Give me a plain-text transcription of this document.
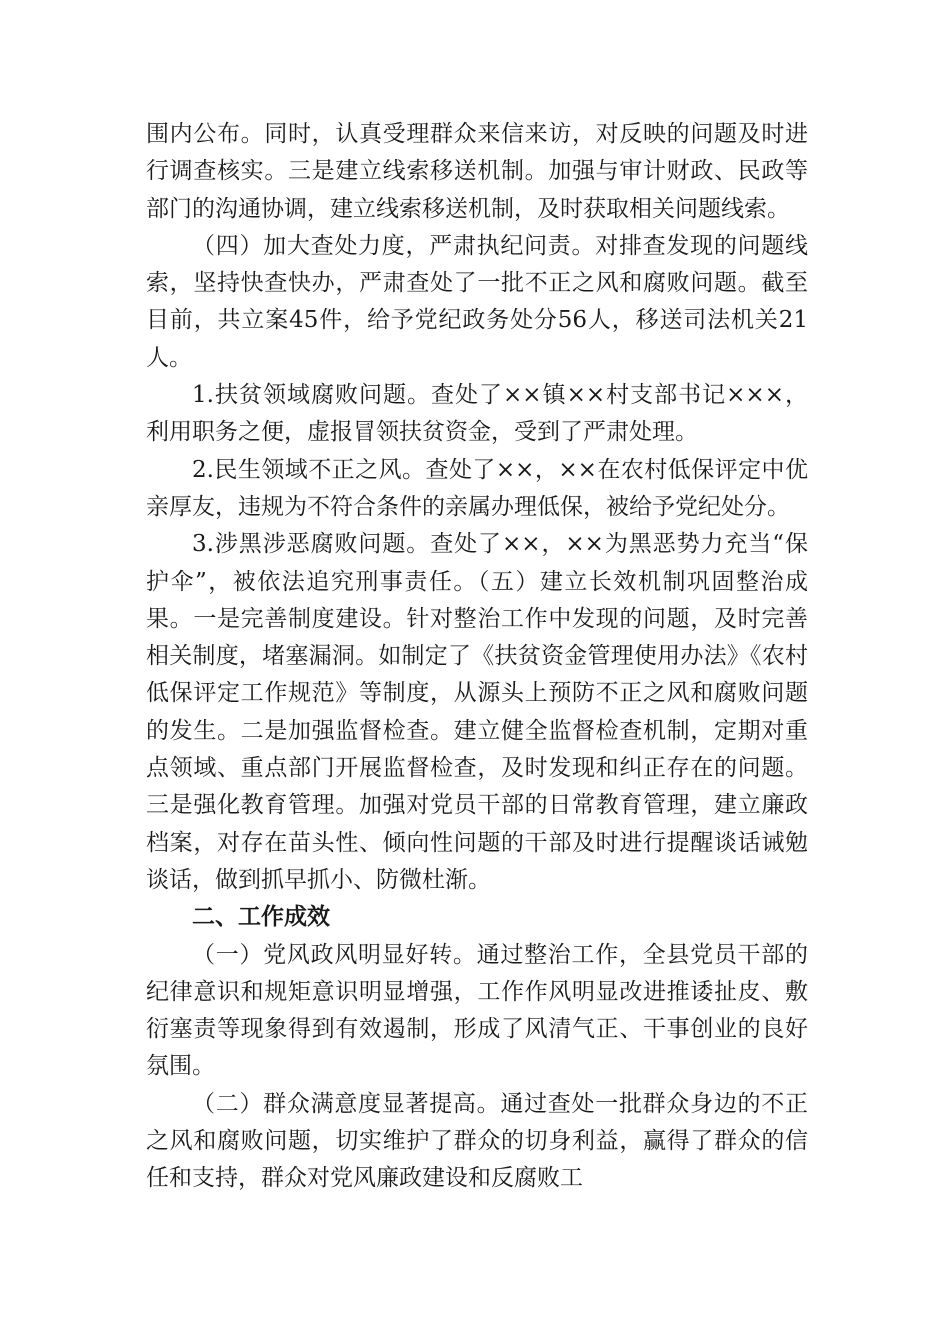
围内公布。同时，认真受理群众来信来访，对反映的问题及时进行调查核实。三是建立线索移送机制。加强与审计财政、民政等部门的沟通协调，建立线索移送机制，及时获取相关问题线索。

（四）加大查处力度，严肃执纪问责。对排查发现的问题线索，坚持快查快办，严肃查处了一批不正之风和腐败问题。截至目前，共立案45件，给予党纪政务处分56人，移送司法机关21人。

1.扶贫领域腐败问题。查处了××镇××村支部书记×××，利用职务之便，虚报冒领扶贫资金，受到了严肃处理。

2.民生领域不正之风。查处了××，××在农村低保评定中优亲厚友，违规为不符合条件的亲属办理低保，被给予党纪处分。

3.涉黑涉恶腐败问题。查处了××，××为黑恶势力充当“保护伞”，被依法追究刑事责任。（五）建立长效机制巩固整治成果。一是完善制度建设。针对整治工作中发现的问题，及时完善相关制度，堵塞漏洞。如制定了《扶贫资金管理使用办法》《农村低保评定工作规范》等制度，从源头上预防不正之风和腐败问题的发生。二是加强监督检查。建立健全监督检查机制，定期对重点领域、重点部门开展监督检查，及时发现和纠正存在的问题。三是强化教育管理。加强对党员干部的日常教育管理，建立廉政档案，对存在苗头性、倾向性问题的干部及时进行提醒谈话诫勉谈话，做到抓早抓小、防微杜渐。

二、工作成效

（一）党风政风明显好转。通过整治工作，全县党员干部的纪律意识和规矩意识明显增强，工作作风明显改进推诿扯皮、敷衍塞责等现象得到有效遏制，形成了风清气正、干事创业的良好氛围。

（二）群众满意度显著提高。通过查处一批群众身边的不正之风和腐败问题，切实维护了群众的切身利益，赢得了群众的信任和支持，群众对党风廉政建设和反腐败工
